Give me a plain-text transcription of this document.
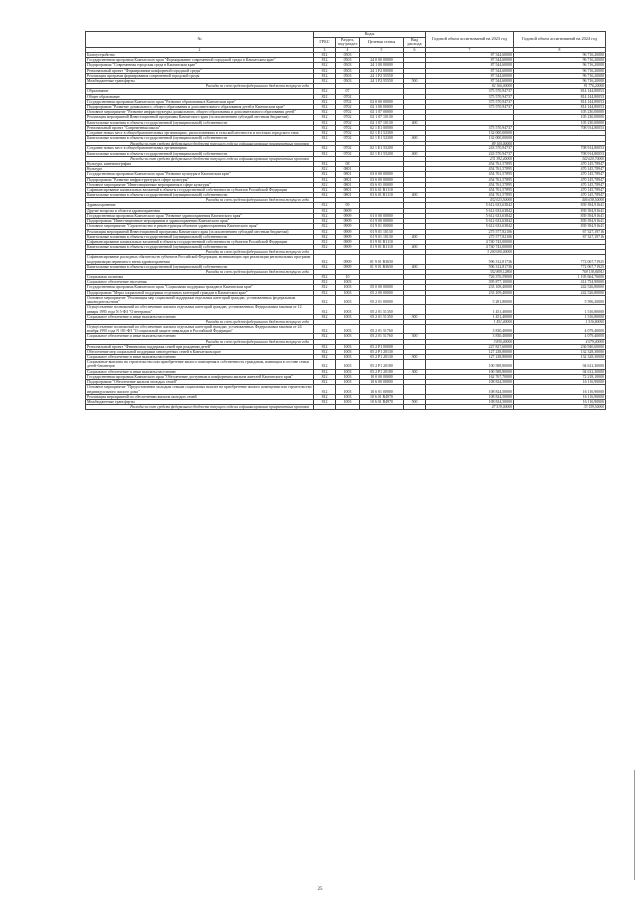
№	Коды				Годовой объем ассигнований на 2023 год	Годовой объем ассигнований на 2024 год
	ГРБС	Раздел, под-раздел	Целевая статья	Вид расхода		
2	3	4	5	6	7	8
Благоустройство	812	0503			87 544,60000	96 716,20000
Государственная программа Камчатского края "Формирование современной городской среды в Камчатском крае"	812	0503	24 0 00 00000		87 544,60000	96 716,20000
Подпрограмма "Современная городская среда в Камчатском крае"	812	0503	24 1 00 00000		87 544,60000	96 716,20000
Региональный проект "Формирование комфортной городской среды"	812	0503	24 1 F2 00000		87 544,60000	96 716,20000
Реализация программ формирования современной городской среды	812	0503	24 1 F2 55550		87 544,60000	96 716,20000
Межбюджетные трансферты	812	0503	24 1 F2 55550	500	87 544,60000	96 716,20000
Расходы за счет средств федерального бюджета текущего года					82 166,00000	91 776,20000
Образование	812	07			375 570,94737	814 144,80053
Общее образование	812	0702			375 570,94737	814 144,80053
Государственная программа Камчатского края "Развитие образования в Камчатском крае"	812	0702	02 0 00 00000		375 570,94737	814 144,80053
Подпрограмма "Развитие дошкольного, общего образования и дополнительного образования детей в Камчатском крае"	812	0702	02 1 00 00000		375 570,94737	814 144,80053
Основное мероприятие "Развитие инфраструктуры дошкольного, общего образования и дополнительного образования детей"	812	0702	02 1 07 00000			105 230,00000
Реализация мероприятий Инвестиционной программы Камчатского края (за исключением субсидий местным бюджетам)	812	0702	02 1 07 10130			105 230,00000
Капитальные вложения в объекты государственной (муниципальной) собственности	812	0702	02 1 07 10130	400		105 230,00000
Региональный проект "Современная школа"	812	0702	02 1 E1 00000		375 570,94737	708 914,80053
Создание новых мест в общеобразовательных организациях, расположенных в сельской местности и поселках городского типа	812	0702	02 1 E1 52300		132 000,00000	
Капитальные вложения в объекты государственной (муниципальной) собственности	812	0702	02 1 E1 52300	400	132 000,00000	
Расходы за счет средств федерального бюджета текущего года на софинансирование приоритетных проектов					89 100,00000	
Создание новых мест в общеобразовательных организациях	812	0702	02 1 E1 55200		243 570,94737	708 914,80053
Капитальные вложения в объекты государственной (муниципальной) собственности	812	0702	02 1 E1 55200	400	243 570,94737	708 914,80053
Расходы за счет средств федерального бюджета текущего года на софинансирование приоритетных проектов					231 392,40000	342 620,70000
Культура, кинематография	812	08			454 761,57895	470 145,78947
Культура	812	0801			454 761,57895	470 145,78947
Государственная программа Камчатского края "Развитие культуры в Камчатском крае"	812	0801	03 0 00 00000		454 761,57895	470 145,78947
Подпрограмма "Развитие инфраструктуры в сфере культуры"	812	0801	03 6 00 00000		454 761,57895	470 145,78947
Основное мероприятие "Инвестиционные мероприятия в сфере культуры"	812	0801	03 6 01 00000		454 761,57895	470 145,78947
Софинансирование капитальных вложений в объекты государственной собственности субъектов Российской Федерации	812	0801	03 6 01 R1110		454 761,57895	470 145,78947
Капитальные вложения в объекты государственной (муниципальной) собственности	812	0801	03 6 01 R1110	400	454 761,57895	470 145,78947
Расходы за счет средств федерального бюджета текущего года					432 023,50000	446 638,50000
Здравоохранение	812	09			5 612 633,63842	839 394,91641
Другие вопросы в области здравоохранения	812	0909			5 612 633,63842	839 394,91641
Государственная программа Камчатского края "Развитие здравоохранения Камчатского края"	812	0909	01 0 00 00000		5 612 633,63842	839 394,91641
Подпрограмма "Инвестиционные мероприятия в здравоохранении Камчатского края"	812	0909	01 9 00 00000		5 612 633,63842	839 394,91641
Основное мероприятие "Строительство и реконструкция объектов здравоохранения Камчатского края"	812	0909	01 9 01 00000		5 612 633,63842	839 394,91641
Реализация мероприятий Инвестиционной программы Камчатского края (за исключением субсидий местным бюджетам)	812	0909	01 9 01 10130		275 577,82106	67 327,19716
Капитальные вложения в объекты государственной (муниципальной) собственности	812	0909	01 9 01 10130	400	275 577,82106	67 327,19716
Софинансирование капитальных вложений в объекты государственной собственности субъектов Российской Федерации	812	0909	01 9 01 R1110		4 740 743,00000	
Капитальные вложения в объекты государственной (муниципальной) собственности	812	0909	01 9 01 R1110	400	4 740 743,00000	
Расходы за счет средств федерального бюджета текущего года					3 200 000,00000	
Софинансирование расходных обязательств субъектов Российской Федерации, возникающих при реализации региональных программ модернизации первичного звена здравоохранения	812	0909	01 9 01 R3650		596 312,81736	772 067,71925
Капитальные вложения в объекты государственной (муниципальной) собственности	812	0909	01 9 01 R3650	400	596 312,81736	772 067,71925
Расходы за счет средств федерального бюджета текущего года					352 809,12800	769 118,84941
Социальная политика	812	10			726 376,59000	1 105 664,76000
Социальное обеспечение населения	812	1003			395 877,10000	414 754,90000
Государственная программа Камчатского края "Социальная поддержка граждан в Камчатском крае"	812	1003	05 0 00 00000		233 108,40000	242 526,80000
Подпрограмма "Меры социальной поддержки отдельных категорий граждан в Камчатском крае"	812	1003	05 2 00 00000		233 109,40000	242 526,80000
Основное мероприятие "Реализация мер социальной поддержки отдельных категорий граждан, установленных федеральным законодательством"	812	1003	05 2 01 00000		5 281,80000	5 596,20000
Осуществление полномочий по обеспечению жильем отдельных категорий граждан, установленных Федеральным законом от 12 января 1995 года N 5-ФЗ "О ветеранах"	812	1003	05 2 01 51350		1 451,40000	1 516,80000
Социальное обеспечение и иные выплаты населению	812	1003	05 2 01 51350	300	1 451,40000	1 516,80000
Расходы за счет средств федерального бюджета текущего года					1 451,40000	1 516,80000
Осуществление полномочий по обеспечению жильем отдельных категорий граждан, установленных Федеральным законом от 24 ноября 1995 года N 181-ФЗ "О социальной защите инвалидов в Российской Федерации"	812	1003	05 2 01 51760		3 830,40000	4 079,40000
Социальное обеспечение и иные выплаты населению	812	1003	05 2 01 51760	300	3 830,40000	4 079,40000
Расходы за счет средств федерального бюджета текущего года					3 830,40000	4 079,40000
Региональный проект "Финансовая поддержка семей при рождении детей"	812	1003	05 2 P1 00000		227 827,60000	236 940,60000
Обеспечение мер социальной поддержки многодетных семей в Камчатском крае	812	1003	05 2 P1 20130		127 238,80000	132 328,30000
Социальное обеспечение и иные выплаты населению	812	1003	05 2 P1 20130	300	127 238,80000	132 328,30000
Социальные выплаты на строительство или приобретение жилого помещения в собственность гражданам, имеющим в составе семьи детей-близнецов	812	1003	05 2 P1 20180		100 588,80000	04 612,30000
Социальное обеспечение и иные выплаты населению	812	1003	05 2 P1 20180	300	100 588,80000	04 612,30000
Государственная программа Камчатского края "Обеспечение доступным и комфортным жильем жителей Камчатского края"	812	1003	10 0 00 00000		162 767,70000	72 218,10000
Подпрограмма "Обеспечение жильем молодых семей"	812	1003	10 6 00 00000		108 824,50000	16 116,90000
Основное мероприятие "Предоставление молодым семьям социальных выплат на приобретение жилого помещения или строительство индивидуального жилого дома"	812	1003	10 6 01 00000		108 824,50000	16 116,90000
Реализация мероприятий по обеспечению жильем молодых семей	812	1003	10 6 01 R4970		108 824,50000	16 116,90000
Межбюджетные трансферты	812	1003	10 6 01 R4970	500	108 824,50000	16 116,90000
Расходы за счет средств федерального бюджета текущего года на софинансирование приоритетных проектов					47 519,00000	33 159,50000
25
